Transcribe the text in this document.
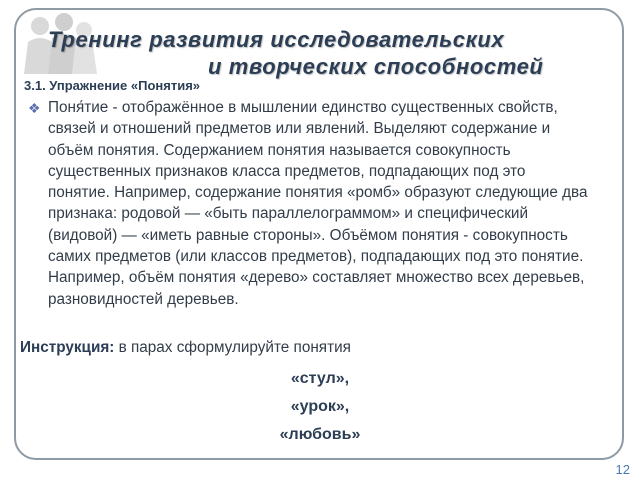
Тренинг развития исследовательских
и творческих способностей
3.1. Упражнение «Понятия»
❖ Поня́тие - отображённое в мышлении единство существенных свойств, связей и отношений предметов или явлений. Выделяют содержание и объём понятия. Содержанием понятия называется совокупность существенных признаков класса предметов, подпадающих под это понятие. Например, содержание понятия «ромб» образуют следующие два признака: родовой — «быть параллелограммом» и специфический (видовой) — «иметь равные стороны». Объёмом понятия - совокупность самих предметов (или классов предметов), подпадающих под это понятие. Например, объём понятия «дерево» составляет множество всех деревьев, разновидностей деревьев.
Инструкция: в парах сформулируйте понятия
«стул»,
«урок»,
«любовь»
12
